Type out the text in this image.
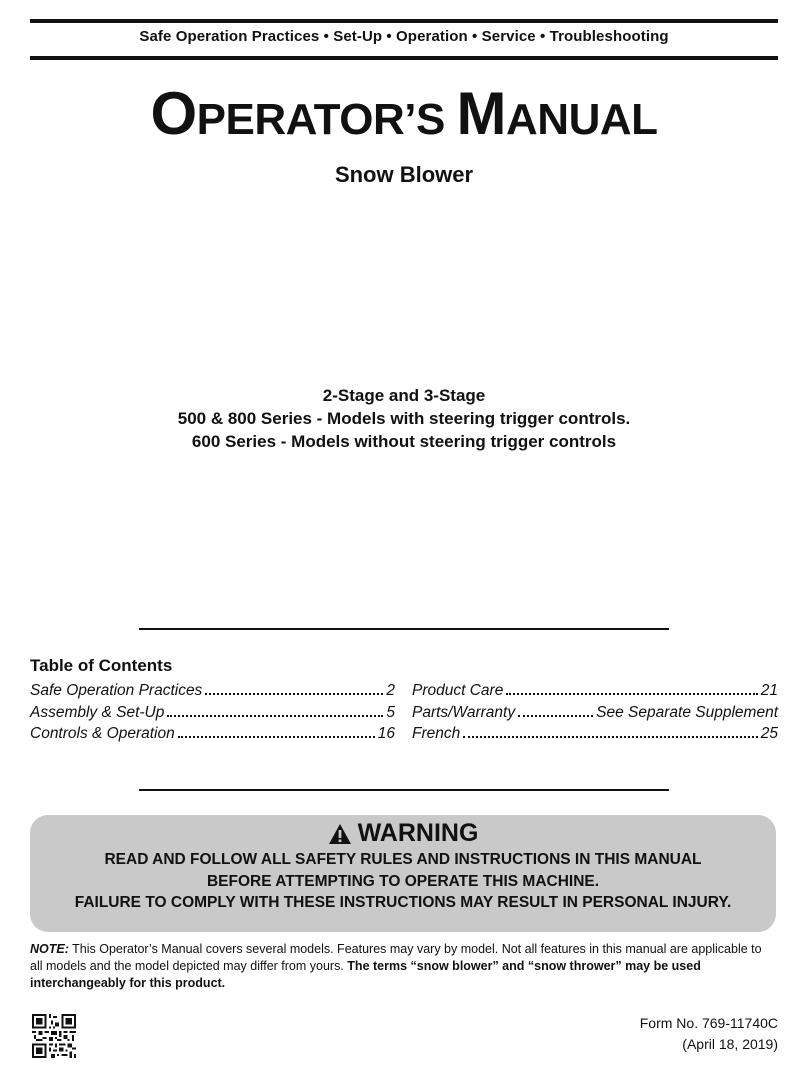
Safe Operation Practices • Set-Up • Operation • Service • Troubleshooting
OPERATOR’S MANUAL
Snow Blower
2-Stage and 3-Stage
500 & 800 Series - Models with steering trigger controls.
600 Series - Models without steering trigger controls
Table of Contents
Safe Operation Practices	2
Assembly & Set-Up	5
Controls & Operation	16
Product Care	21
Parts/Warranty	See Separate Supplement
French	25
WARNING
READ AND FOLLOW ALL SAFETY RULES AND INSTRUCTIONS IN THIS MANUAL
BEFORE ATTEMPTING TO OPERATE THIS MACHINE.
FAILURE TO COMPLY WITH THESE INSTRUCTIONS MAY RESULT IN PERSONAL INJURY.
NOTE: This Operator’s Manual covers several models. Features may vary by model. Not all features in this manual are applicable to all models and the model depicted may differ from yours. The terms “snow blower” and “snow thrower” may be used interchangeably for this product.
Form No. 769-11740C
(April 18, 2019)
